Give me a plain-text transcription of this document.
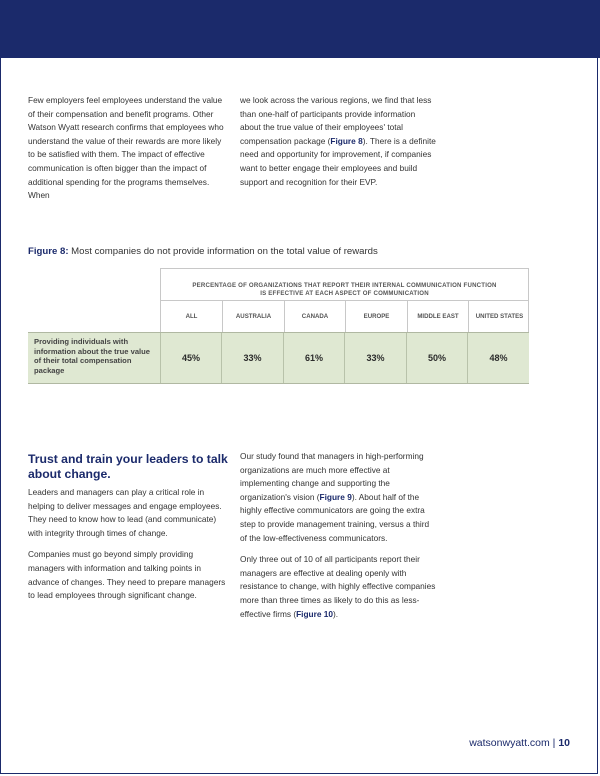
Few employers feel employees understand the value of their compensation and benefit programs. Other Watson Wyatt research confirms that employees who understand the value of their rewards are more likely to be satisfied with them. The impact of effective communication is often bigger than the impact of additional spending for the programs themselves. When

we look across the various regions, we find that less than one-half of participants provide information about the true value of their employees' total compensation package (Figure 8). There is a definite need and opportunity for improvement, if companies want to better engage their employees and build support and recognition for their EVP.

Figure 8: Most companies do not provide information on the total value of rewards
PERCENTAGE OF ORGANIZATIONS THAT REPORT THEIR INTERNAL COMMUNICATION FUNCTION
IS EFFECTIVE AT EACH ASPECT OF COMMUNICATION
ALL	AUSTRALIA	CANADA	EUROPE	MIDDLE EAST	UNITED STATES
Providing individuals with information about the true value of their total compensation package
45%	33%	61%	33%	50%	48%
Trust and train your leaders to talk about change.

Leaders and managers can play a critical role in helping to deliver messages and engage employees. They need to know how to lead (and communicate) with integrity through times of change.

Companies must go beyond simply providing managers with information and talking points in advance of changes. They need to prepare managers to lead employees through significant change.

Our study found that managers in high-performing organizations are much more effective at implementing change and supporting the organization's vision (Figure 9). About half of the highly effective communicators are going the extra step to provide management training, versus a third of the low-effectiveness communicators.

Only three out of 10 of all participants report their managers are effective at dealing openly with resistance to change, with highly effective companies more than three times as likely to do this as less-effective firms (Figure 10).

watsonwyatt.com | 10
